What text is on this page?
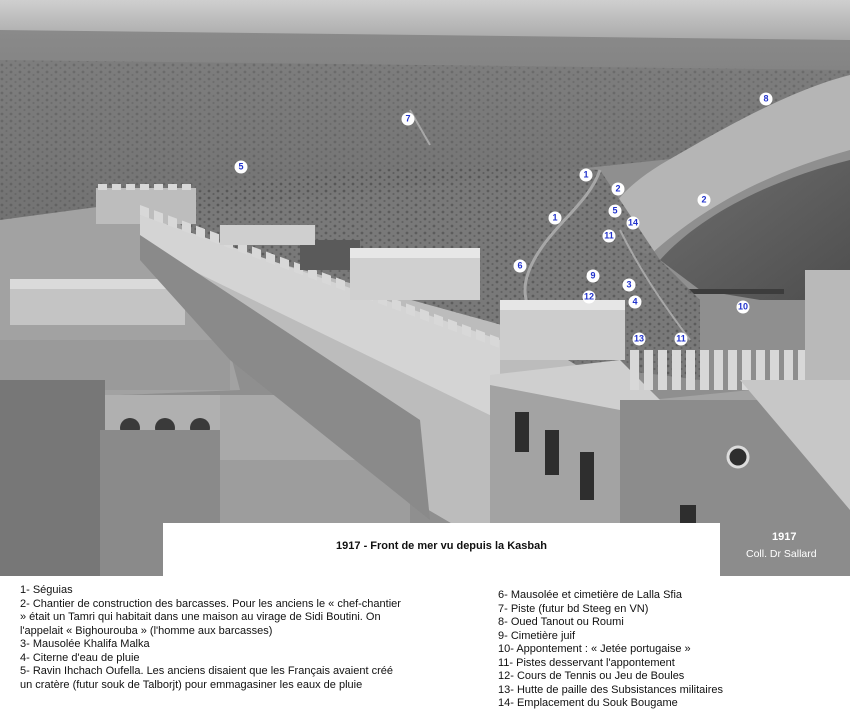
8
7
5
1
2
2
5
1	14
11
6
9
3
12	4	10
13	11
1917
Coll. Dr Sallard
1917 - Front de mer vu depuis la Kasbah
1- Séguias
2- Chantier de construction des barcasses. Pour les anciens le « chef-chantier » était un Tamri qui habitait dans une maison au virage de Sidi Boutini. On l'appelait « Bighourouba » (l'homme aux barcasses)
3- Mausolée Khalifa Malka
4- Citerne d'eau de pluie
5- Ravin Ihchach Oufella. Les anciens disaient que les Français avaient créé un cratère (futur souk de Talborjt) pour emmagasiner les eaux de pluie
6- Mausolée et cimetière de Lalla Sfia
7- Piste (futur bd Steeg en VN)
8- Oued Tanout ou Roumi
9- Cimetière juif
10- Appontement : « Jetée portugaise »
11- Pistes desservant l'appontement
12- Cours de Tennis ou Jeu de Boules
13- Hutte de paille des Subsistances militaires
14- Emplacement du Souk Bougame
